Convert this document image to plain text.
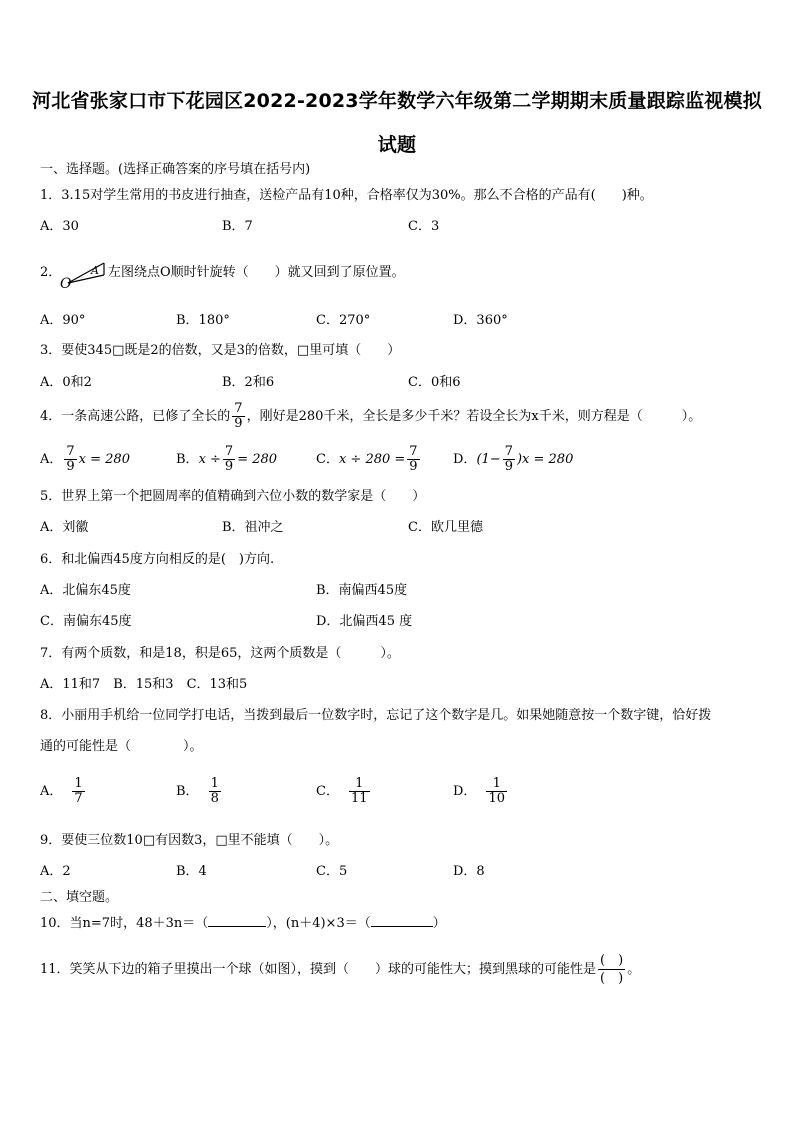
河北省张家口市下花园区2022-2023学年数学六年级第二学期期末质量跟踪监视模拟
试题
一、选择题。(选择正确答案的序号填在括号内)
1．3.15对学生常用的书皮进行抽查，送检产品有10种，合格率仅为30%。那么不合格的产品有(　　)种。
A．30	B．7	C．3
2．
O
A 左图绕点O顺时针旋转（　　）就又回到了原位置。
A．90°	B．180°	C．270°	D．360°
3．要使345□既是2的倍数，又是3的倍数，□里可填（　　）
A．0和2	B．2和6	C．0和6
4．一条高速公路，已修了全长的 $\frac{7}{9}$ ，刚好是280千米，全长是多少千米？若设全长为x千米，则方程是（　　　）。
A． $\frac{7}{9}$ x = 280	B．$x \div \frac{7}{9} = 280$	C．$x \div 280 = \frac{7}{9}$	D．$(1- \frac{7}{9} )x = 280$
5．世界上第一个把圆周率的值精确到六位小数的数学家是（　　）
A．刘徽	B．祖冲之	C．欧几里德
6．和北偏西45度方向相反的是(　)方向.
A．北偏东45度	B．南偏西45度
C．南偏东45度	D．北偏西45 度
7．有两个质数，和是18，积是65，这两个质数是（　　　）。
A．11和7　B．15和3　C．13和5
8．小丽用手机给一位同学打电话，当拨到最后一位数字时，忘记了这个数字是几。如果她随意按一个数字键，恰好拨
通的可能性是（　　　　）。
A． $\frac{1}{7}$	B． $\frac{1}{8}$	C． $\frac{1}{11}$	D． $\frac{1}{10}$
9．要使三位数10□有因数3，□里不能填（　　）。
A．2	B．4	C．5	D．8
二、填空题。
10．当n=7时，48＋3n＝（	），(n＋4)×3＝（	）
11．笑笑从下边的箱子里摸出一个球（如图），摸到（　　）球的可能性大；摸到黑球的可能性是 $\frac{( )}{( )}$ 。
